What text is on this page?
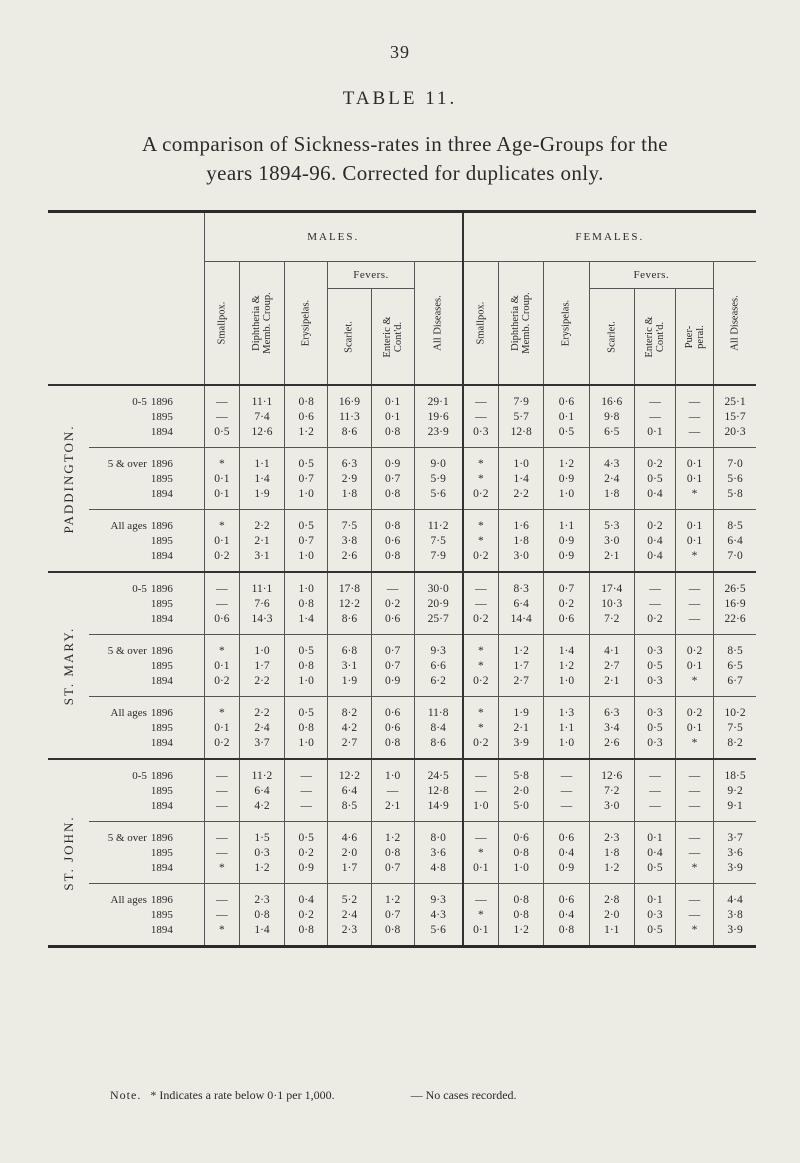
39
TABLE 11.
A comparison of Sickness-rates in three Age-Groups for the
years 1894-96. Corrected for duplicates only.
			MALES.						FEMALES.						

			Smallpox.	Diphtheria & Memb. Croup.	Erysipelas.	Fevers.		All Diseases.	Smallpox.	Diphtheria & Memb. Croup.	Erysipelas.	Fevers.			All Diseases.

						Scarlet.	Enteric & Cont'd.					Scarlet.	Enteric & Cont'd.	Puer- peral.	

PADDINGTON.	0-5	1896	—	11·1	0·8	16·9	0·1	29·1	—	7·9	0·6	16·6	—	—	25·1
		1895	—	7·4	0·6	11·3	0·1	19·6	—	5·7	0·1	9·8	—	—	15·7
		1894	0·5	12·6	1·2	8·6	0·8	23·9	0·3	12·8	0·5	6·5	0·1	—	20·3
	5 & over	1896	*	1·1	0·5	6·3	0·9	9·0	*	1·0	1·2	4·3	0·2	0·1	7·0
		1895	0·1	1·4	0·7	2·9	0·7	5·9	*	1·4	0·9	2·4	0·5	0·1	5·6
		1894	0·1	1·9	1·0	1·8	0·8	5·6	0·2	2·2	1·0	1·8	0·4	*	5·8
	All ages	1896	*	2·2	0·5	7·5	0·8	11·2	*	1·6	1·1	5·3	0·2	0·1	8·5
		1895	0·1	2·1	0·7	3·8	0·6	7·5	*	1·8	0·9	3·0	0·4	0·1	6·4
		1894	0·2	3·1	1·0	2·6	0·8	7·9	0·2	3·0	0·9	2·1	0·4	*	7·0

ST. MARY.	0-5	1896	—	11·1	1·0	17·8	—	30·0	—	8·3	0·7	17·4	—	—	26·5
		1895	—	7·6	0·8	12·2	0·2	20·9	—	6·4	0·2	10·3	—	—	16·9
		1894	0·6	14·3	1·4	8·6	0·6	25·7	0·2	14·4	0·6	7·2	0·2	—	22·6
	5 & over	1896	*	1·0	0·5	6·8	0·7	9·3	*	1·2	1·4	4·1	0·3	0·2	8·5
		1895	0·1	1·7	0·8	3·1	0·7	6·6	*	1·7	1·2	2·7	0·5	0·1	6·5
		1894	0·2	2·2	1·0	1·9	0·9	6·2	0·2	2·7	1·0	2·1	0·3	*	6·7
	All ages	1896	*	2·2	0·5	8·2	0·6	11·8	*	1·9	1·3	6·3	0·3	0·2	10·2
		1895	0·1	2·4	0·8	4·2	0·6	8·4	*	2·1	1·1	3·4	0·5	0·1	7·5
		1894	0·2	3·7	1·0	2·7	0·8	8·6	0·2	3·9	1·0	2·6	0·3	*	8·2

ST. JOHN.	0-5	1896	—	11·2	—	12·2	1·0	24·5	—	5·8	—	12·6	—	—	18·5
		1895	—	6·4	—	6·4	—	12·8	—	2·0	—	7·2	—	—	9·2
		1894	—	4·2	—	8·5	2·1	14·9	1·0	5·0	—	3·0	—	—	9·1
	5 & over	1896	—	1·5	0·5	4·6	1·2	8·0	—	0·6	0·6	2·3	0·1	—	3·7
		1895	—	0·3	0·2	2·0	0·8	3·6	*	0·8	0·4	1·8	0·4	—	3·6
		1894	*	1·2	0·9	1·7	0·7	4·8	0·1	1·0	0·9	1·2	0·5	*	3·9
	All ages	1896	—	2·3	0·4	5·2	1·2	9·3	—	0·8	0·6	2·8	0·1	—	4·4
		1895	—	0·8	0·2	2·4	0·7	4·3	*	0·8	0·4	2·0	0·3	—	3·8
		1894	*	1·4	0·8	2·3	0·8	5·6	0·1	1·2	0·8	1·1	0·5	*	3·9
Note. * Indicates a rate below 0·1 per 1,000.	— No cases recorded.
